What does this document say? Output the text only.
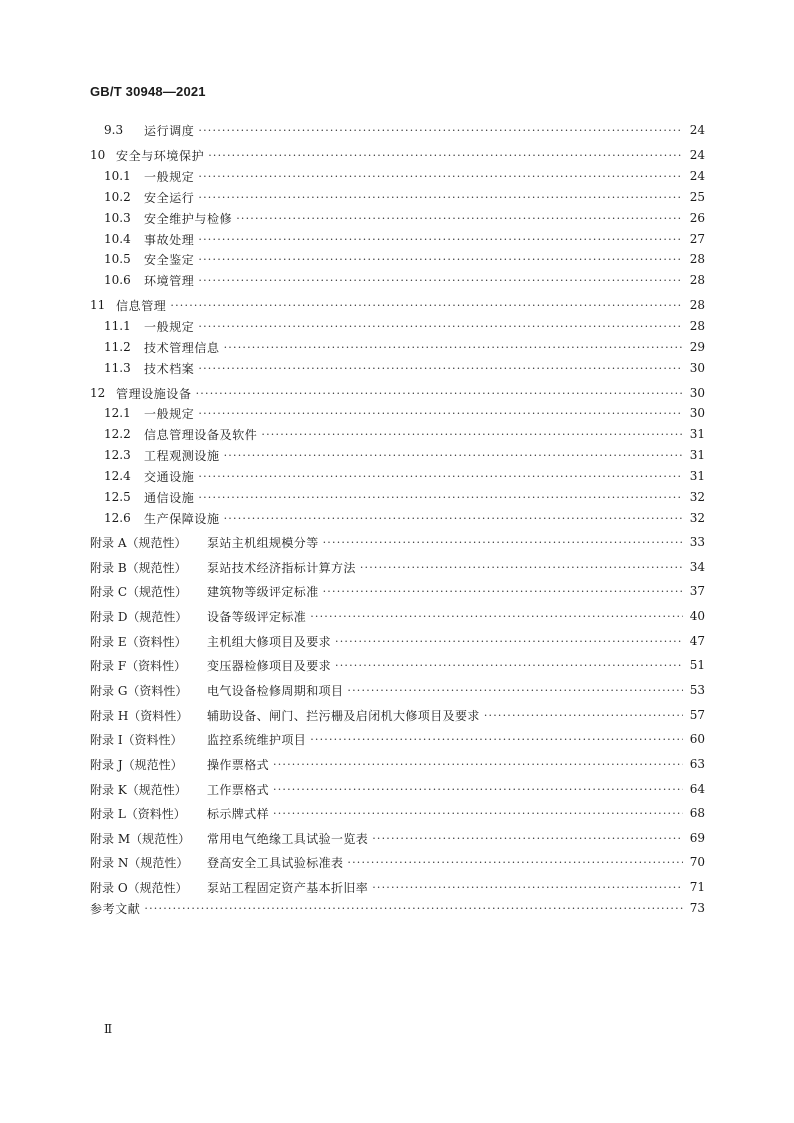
GB/T 30948—2021
9.3	运行调度 ·····	24
10 安全与环境保护 ·····	24
10.1	一般规定 ·····	24
10.2	安全运行 ·····	25
10.3	安全维护与检修 ·····	26
10.4	事故处理 ·····	27
10.5	安全鉴定 ·····	28
10.6	环境管理 ·····	28
11 信息管理 ·····	28
11.1	一般规定 ·····	28
11.2	技术管理信息 ·····	29
11.3	技术档案 ·····	30
12 管理设施设备 ·····	30
12.1	一般规定 ·····	30
12.2	信息管理设备及软件 ·····	31
12.3	工程观测设施 ·····	31
12.4	交通设施 ·····	31
12.5	通信设施 ·····	32
12.6	生产保障设施 ·····	32
附录 A（规范性）	泵站主机组规模分等 ·····	33
附录 B（规范性）	泵站技术经济指标计算方法 ·····	34
附录 C（规范性）	建筑物等级评定标准 ·····	37
附录 D（规范性）	设备等级评定标准 ·····	40
附录 E（资料性）	主机组大修项目及要求 ·····	47
附录 F（资料性）	变压器检修项目及要求 ·····	51
附录 G（资料性）	电气设备检修周期和项目 ·····	53
附录 H（资料性）	辅助设备、闸门、拦污栅及启闭机大修项目及要求 ·····	57
附录 I（资料性）	监控系统维护项目 ·····	60
附录 J（规范性）	操作票格式 ·····	63
附录 K（规范性）	工作票格式 ·····	64
附录 L（资料性）	标示牌式样 ·····	68
附录 M（规范性）	常用电气绝缘工具试验一览表 ·····	69
附录 N（规范性）	登高安全工具试验标准表 ·····	70
附录 O（规范性）	泵站工程固定资产基本折旧率 ·····	71
参考文献 ·····	73
Ⅱ
